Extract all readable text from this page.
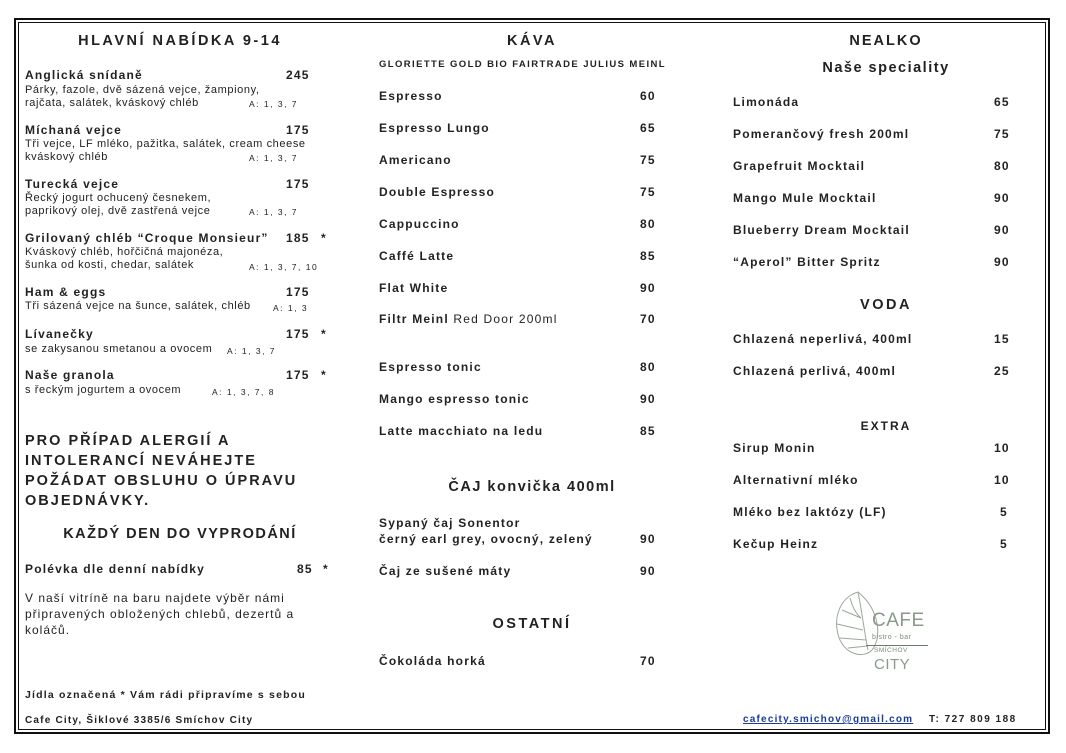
HLAVNÍ NABÍDKA 9-14
Anglická snídaně	245
Párky, fazole, dvě sázená vejce, žampiony,
rajčata, salátek, kváskový chléb	A: 1, 3, 7
Míchaná vejce	175
Tři vejce, LF mléko, pažitka, salátek, cream cheese
kváskový chléb	A: 1, 3, 7
Turecká vejce	175
Řecký jogurt ochucený česnekem,
paprikový olej, dvě zastřená vejce	A: 1, 3, 7
Grilovaný chléb “Croque Monsieur” 185 *
Kváskový chléb, hořčičná majonéza,
šunka od kosti, chedar, salátek	A: 1, 3, 7, 10
Ham & eggs	175
Tři sázená vejce na šunce, salátek, chléb	A: 1, 3
Lívanečky	175 *
se zakysanou smetanou a ovocem A: 1, 3, 7
Naše granola	175 *
s řeckým jogurtem a ovocem	A: 1, 3, 7, 8
PRO PŘÍPAD ALERGIÍ A INTOLERANCÍ NEVÁHEJTE POŽÁDAT OBSLUHU O ÚPRAVU OBJEDNÁVKY.
KAŽDÝ DEN DO VYPRODÁNÍ
Polévka dle denní nabídky	85 *
V naší vitríně na baru najdete výběr námi připravených obložených chlebů, dezertů a koláčů.
Jídla označená * Vám rádi připravíme s sebou
Cafe City, Šiklové 3385/6 Smíchov City
KÁVA
GLORIETTE GOLD BIO FAIRTRADE JULIUS MEINL
Espresso	60
Espresso Lungo	65
Americano	75
Double Espresso	75
Cappuccino	80
Caffé Latte	85
Flat White	90
Filtr Meinl Red Door 200ml	70
Espresso tonic	80
Mango espresso tonic	90
Latte macchiato na ledu	85
ČAJ konvička 400ml
Sypaný čaj Sonentor
černý earl grey, ovocný, zelený	90
Čaj ze sušené máty	90
OSTATNÍ
Čokoláda horká	70
NEALKO
Naše speciality
Limonáda	65
Pomerančový fresh 200ml	75
Grapefruit Mocktail	80
Mango Mule Mocktail	90
Blueberry Dream Mocktail	90
“Aperol” Bitter Spritz	90
VODA
Chlazená neperlivá, 400ml	15
Chlazená perlivá, 400ml	25
EXTRA
Sirup Monin	10
Alternativní mléko	10
Mléko bez laktózy (LF)	5
Kečup Heinz	5
CAFE
bistro - bar
SMÍCHOV
CITY
cafecity.smichov@gmail.com T: 727 809 188
